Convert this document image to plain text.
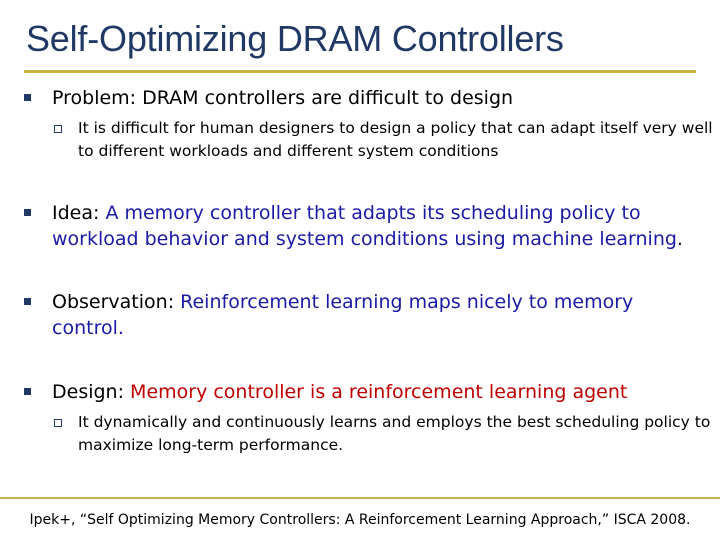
Self-Optimizing DRAM Controllers
Problem: DRAM controllers are difficult to design
It is difficult for human designers to design a policy that can adapt itself very well to different workloads and different system conditions
Idea: A memory controller that adapts its scheduling policy to workload behavior and system conditions using machine learning.
Observation: Reinforcement learning maps nicely to memory control.
Design: Memory controller is a reinforcement learning agent
It dynamically and continuously learns and employs the best scheduling policy to maximize long-term performance.
Ipek+, “Self Optimizing Memory Controllers: A Reinforcement Learning Approach,” ISCA 2008.
